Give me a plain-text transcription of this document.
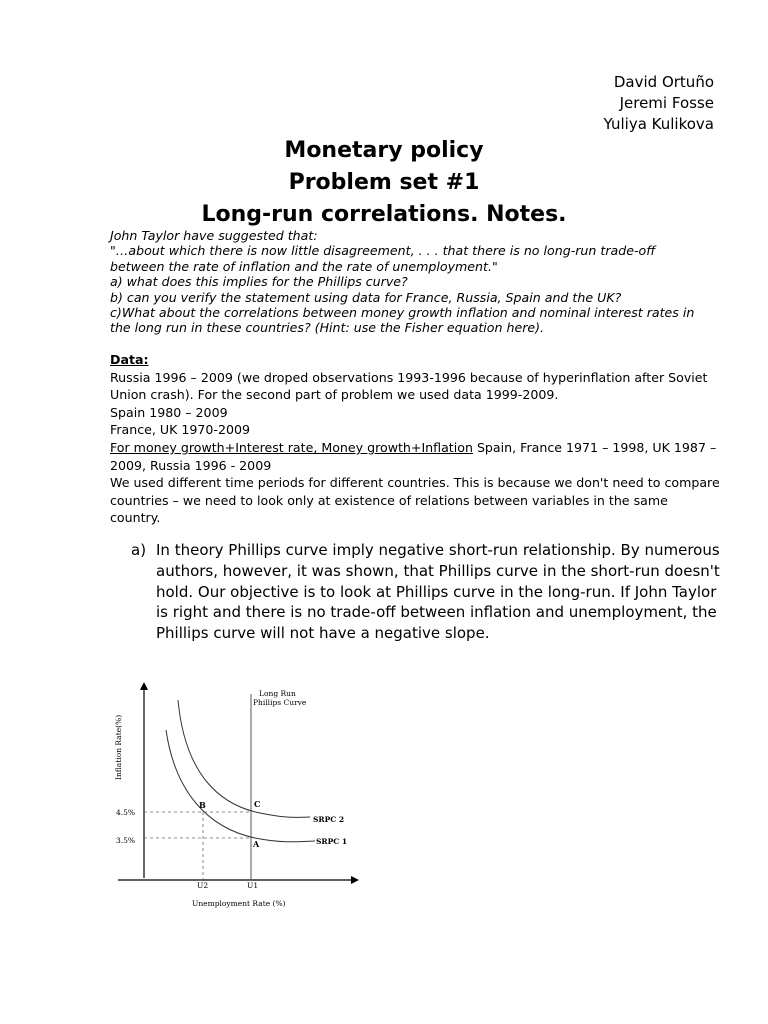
David Ortuño
Jeremi Fosse
Yuliya Kulikova
Monetary policy
Problem set #1
Long-run correlations. Notes.
John Taylor have suggested that:
"…about which there is now little disagreement, . . . that there is no long-run trade-off
between the rate of inflation and the rate of unemployment."
a) what does this implies for the Phillips curve?
b) can you verify the statement using data for France, Russia, Spain and the UK?
c)What about the correlations between money growth inflation and nominal interest rates in
the long run in these countries? (Hint: use the Fisher equation here).
Data:
Russia 1996 – 2009 (we droped observations 1993-1996 because of hyperinflation after Soviet Union crash). For the second part of problem we used data 1999-2009.
Spain 1980 – 2009
France, UK 1970-2009
For money growth+Interest rate, Money growth+Inflation Spain, France 1971 – 1998, UK 1987 – 2009, Russia 1996 - 2009
We used different time periods for different countries. This is because we don't need to compare countries – we need to look only at existence of relations between variables in the same country.
a) In theory Phillips curve imply negative short-run relationship. By numerous authors, however, it was shown, that Phillips curve in the short-run doesn't hold. Our objective is to look at Phillips curve in the long-run. If John Taylor is right and there is no trade-off between inflation and unemployment, the Phillips curve will not have a negative slope.
Long Run
Phillips Curve
4.5%
3.5%
U2	U1
B	C
A
SRPC 2
SRPC 1
Unemployment Rate (%)
Inflation Rate(%)
